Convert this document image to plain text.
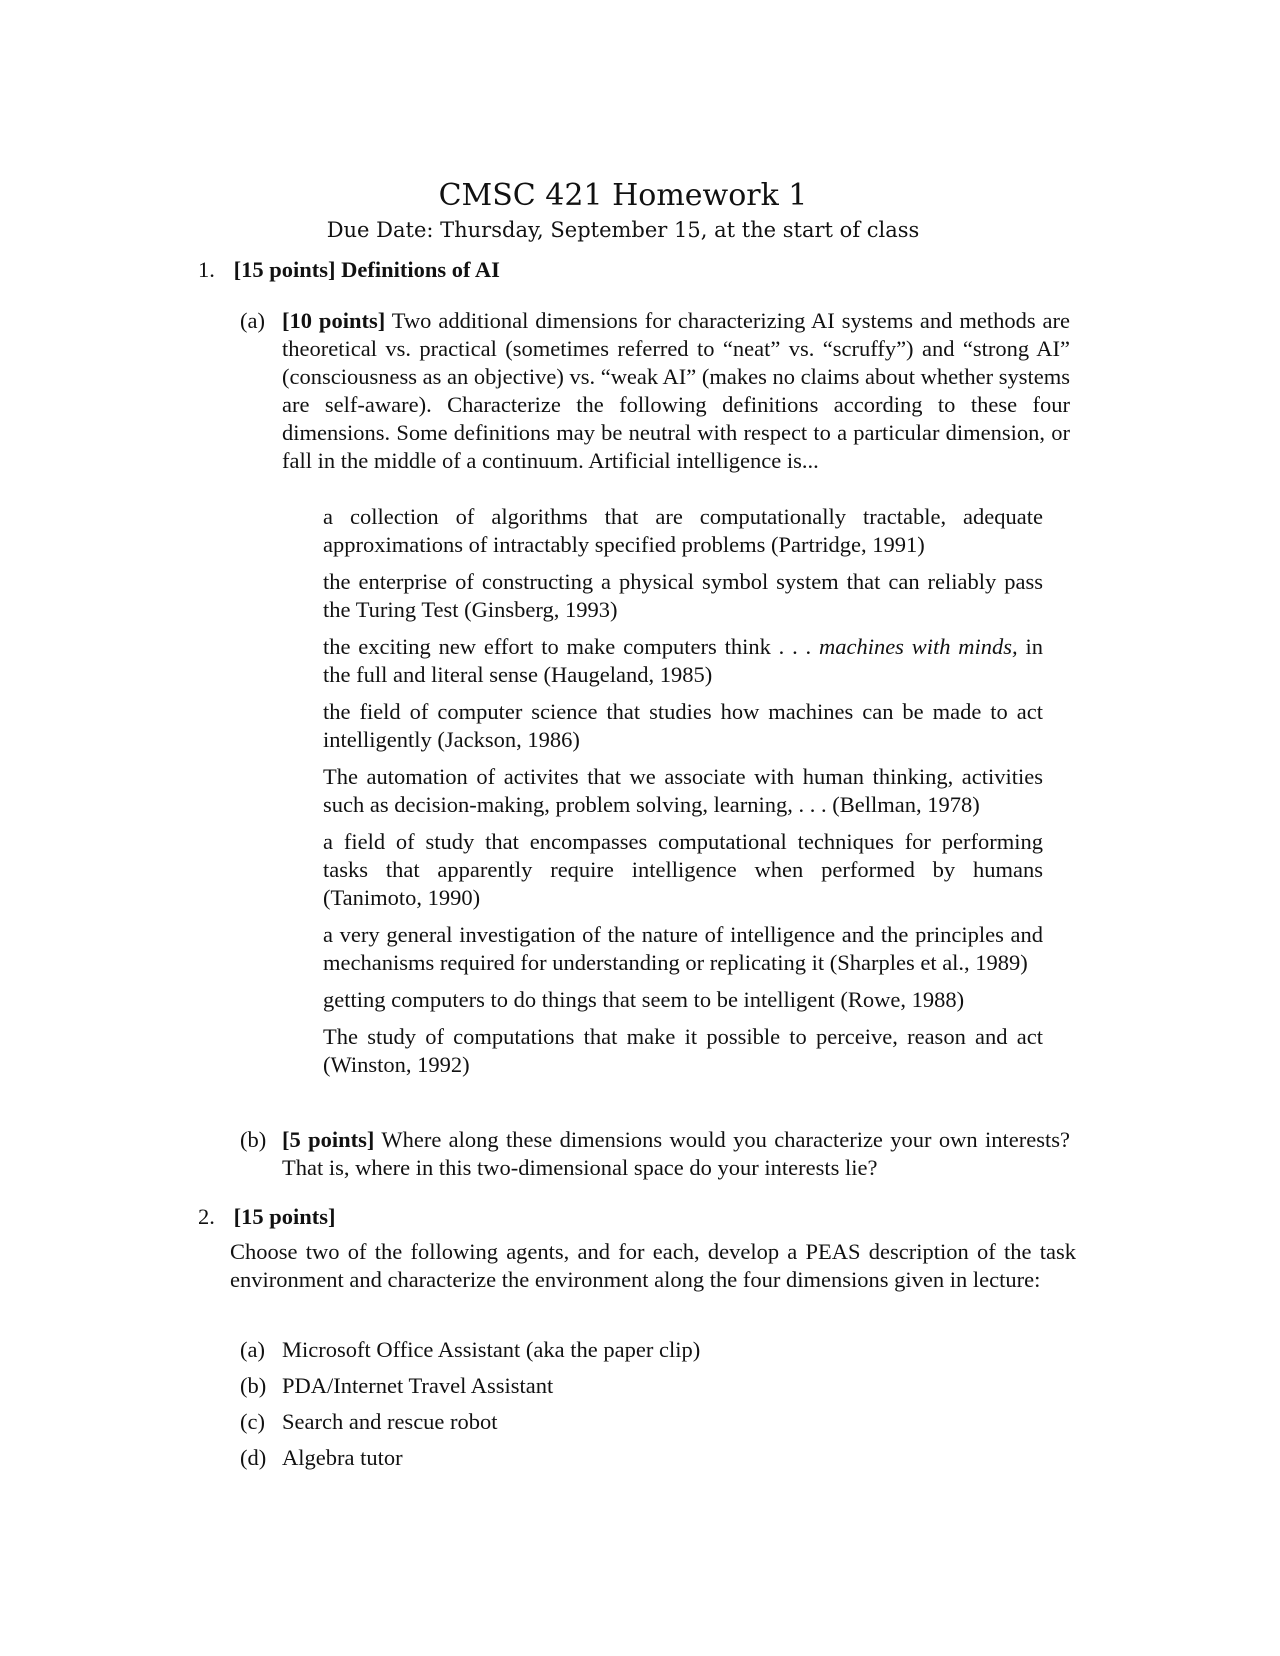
CMSC 421 Homework 1
Due Date: Thursday, September 15, at the start of class
1. [15 points] Definitions of AI
(a) [10 points] Two additional dimensions for characterizing AI systems and methods are theoretical vs. practical (sometimes referred to “neat” vs. “scruffy”) and “strong AI” (consciousness as an objective) vs. “weak AI” (makes no claims about whether systems are self-aware). Characterize the following definitions according to these four dimensions. Some definitions may be neutral with respect to a particular dimension, or fall in the middle of a continuum. Artificial intelligence is...

a collection of algorithms that are computationally tractable, adequate approximations of intractably specified problems (Partridge, 1991)

the enterprise of constructing a physical symbol system that can reliably pass the Turing Test (Ginsberg, 1993)

the exciting new effort to make computers think . . . machines with minds, in the full and literal sense (Haugeland, 1985)

the field of computer science that studies how machines can be made to act intelligently (Jackson, 1986)

The automation of activites that we associate with human thinking, activities such as decision-making, problem solving, learning, . . . (Bellman, 1978)

a field of study that encompasses computational techniques for performing tasks that apparently require intelligence when performed by humans (Tanimoto, 1990)

a very general investigation of the nature of intelligence and the principles and mechanisms required for understanding or replicating it (Sharples et al., 1989)

getting computers to do things that seem to be intelligent (Rowe, 1988)

The study of computations that make it possible to perceive, reason and act (Winston, 1992)

(b) [5 points] Where along these dimensions would you characterize your own interests? That is, where in this two-dimensional space do your interests lie?
2. [15 points]
Choose two of the following agents, and for each, develop a PEAS description of the task environment and characterize the environment along the four dimensions given in lecture:
(a) Microsoft Office Assistant (aka the paper clip)
(b) PDA/Internet Travel Assistant
(c) Search and rescue robot
(d) Algebra tutor
